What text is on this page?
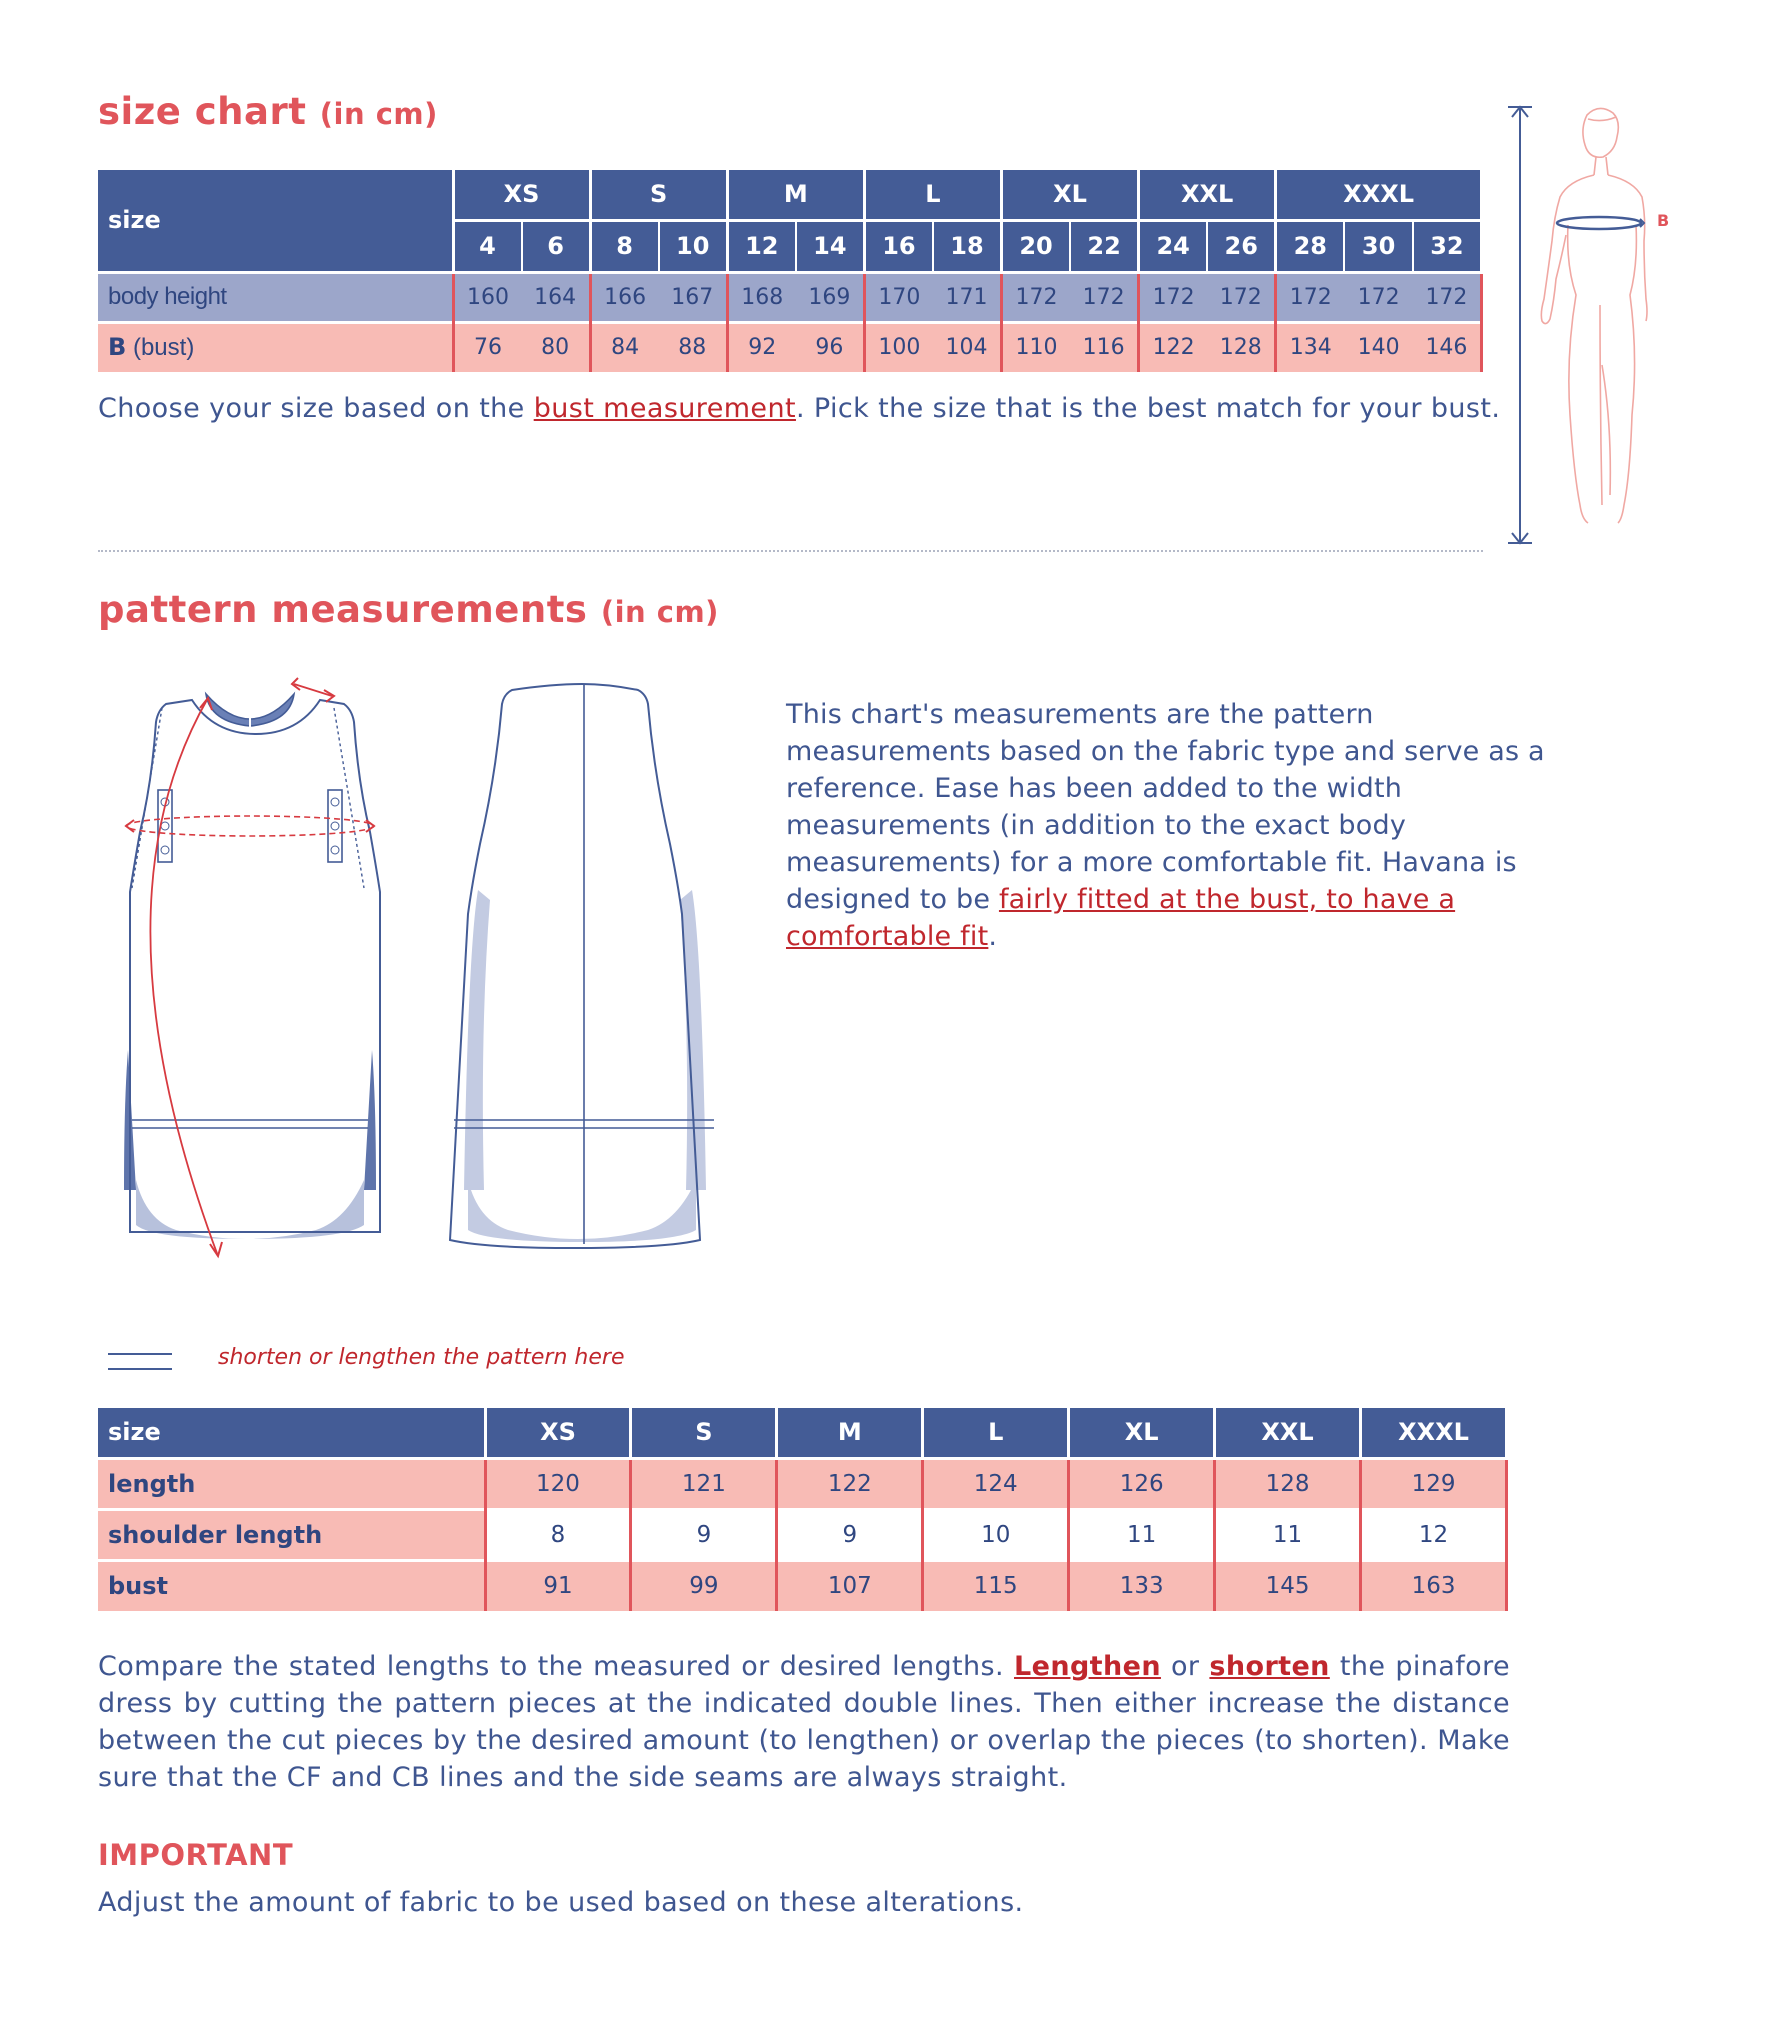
size chart (in cm)
size	XS		S		M		L		XL		XXL		XXXL		
	4	6	8	10	12	14	16	18	20	22	24	26	28	30	32
body height	160	164	166	167	168	169	170	171	172	172	172	172	172	172	172
B (bust)	76	80	84	88	92	96	100	104	110	116	122	128	134	140	146
Choose your size based on the bust measurement. Pick the size that is the best match for your bust.
B
pattern measurements (in cm)
This chart's measurements are the pattern measurements based on the fabric type and serve as a reference. Ease has been added to the width measurements (in addition to the exact body measurements) for a more comfortable fit. Havana is designed to be fairly fitted at the bust, to have a comfortable fit.
shorten or lengthen the pattern here
size	XS	S	M	L	XL	XXL	XXXL
length	120	121	122	124	126	128	129
shoulder length	8	9	9	10	11	11	12
bust	91	99	107	115	133	145	163
Compare the stated lengths to the measured or desired lengths. Lengthen or shorten the pinafore dress by cutting the pattern pieces at the indicated double lines. Then either increase the distance between the cut pieces by the desired amount (to lengthen) or overlap the pieces (to shorten). Make sure that the CF and CB lines and the side seams are always straight.
IMPORTANT
Adjust the amount of fabric to be used based on these alterations.
